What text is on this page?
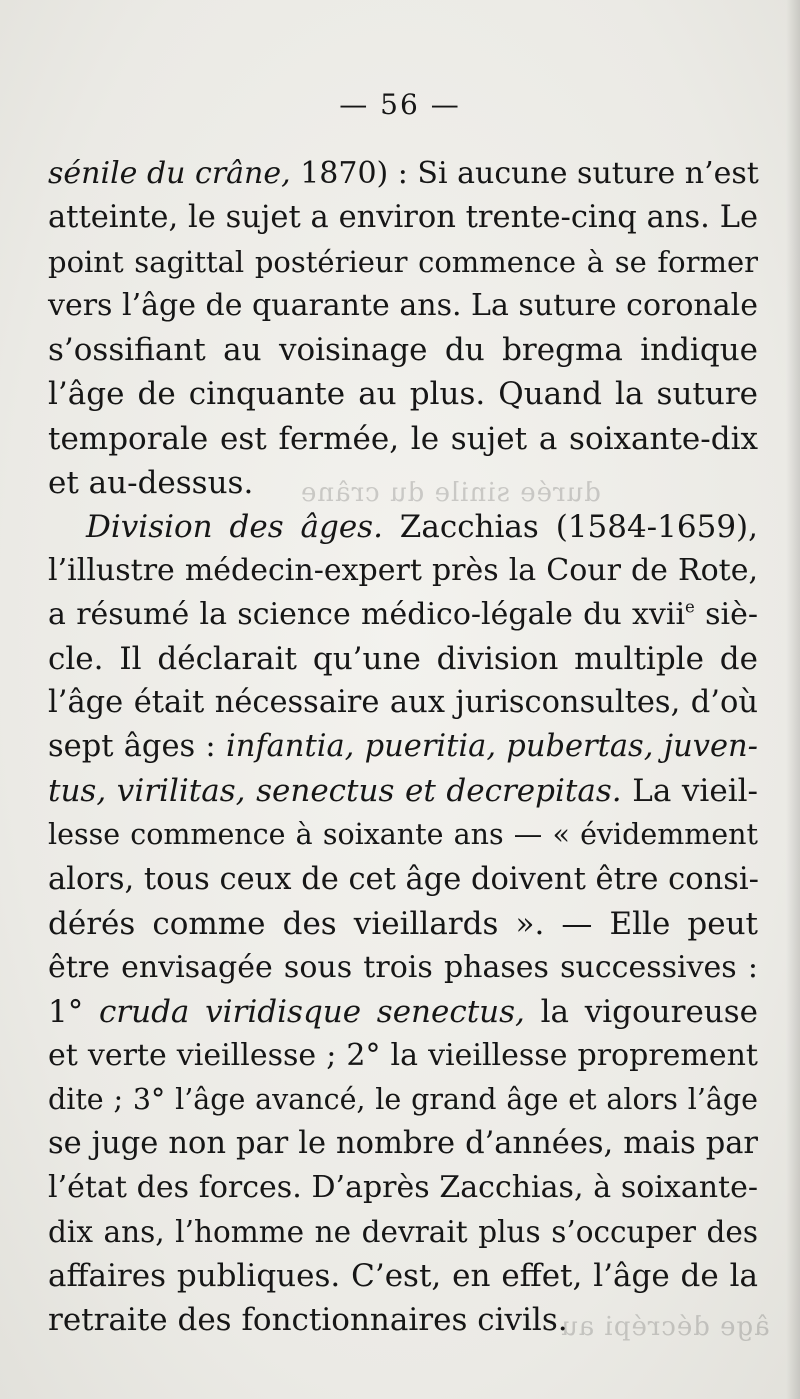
durée sinile du crâne
âge décrépi au
— 56 —
sénile du crâne, 1870) : Si aucune suture n’est
atteinte, le sujet a environ trente-cinq ans. Le
point sagittal postérieur commence à se former
vers l’âge de quarante ans. La suture coronale
s’ossifiant au voisinage du bregma indique
l’âge de cinquante au plus. Quand la suture
temporale est fermée, le sujet a soixante-dix
et au-dessus.
Division des âges. Zacchias (1584-1659),
l’illustre médecin-expert près la Cour de Rote,
a résumé la science médico-légale du xvii$^e$ siè-
cle. Il déclarait qu’une division multiple de
l’âge était nécessaire aux jurisconsultes, d’où
sept âges : infantia, pueritia, pubertas, juven-
tus, virilitas, senectus et decrepitas. La vieil-
lesse commence à soixante ans — « évidemment
alors, tous ceux de cet âge doivent être consi-
dérés comme des vieillards ». — Elle peut
être envisagée sous trois phases successives :
1° cruda viridisque senectus, la vigoureuse
et verte vieillesse ; 2° la vieillesse proprement
dite ; 3° l’âge avancé, le grand âge et alors l’âge
se juge non par le nombre d’années, mais par
l’état des forces. D’après Zacchias, à soixante-
dix ans, l’homme ne devrait plus s’occuper des
affaires publiques. C’est, en effet, l’âge de la
retraite des fonctionnaires civils.
